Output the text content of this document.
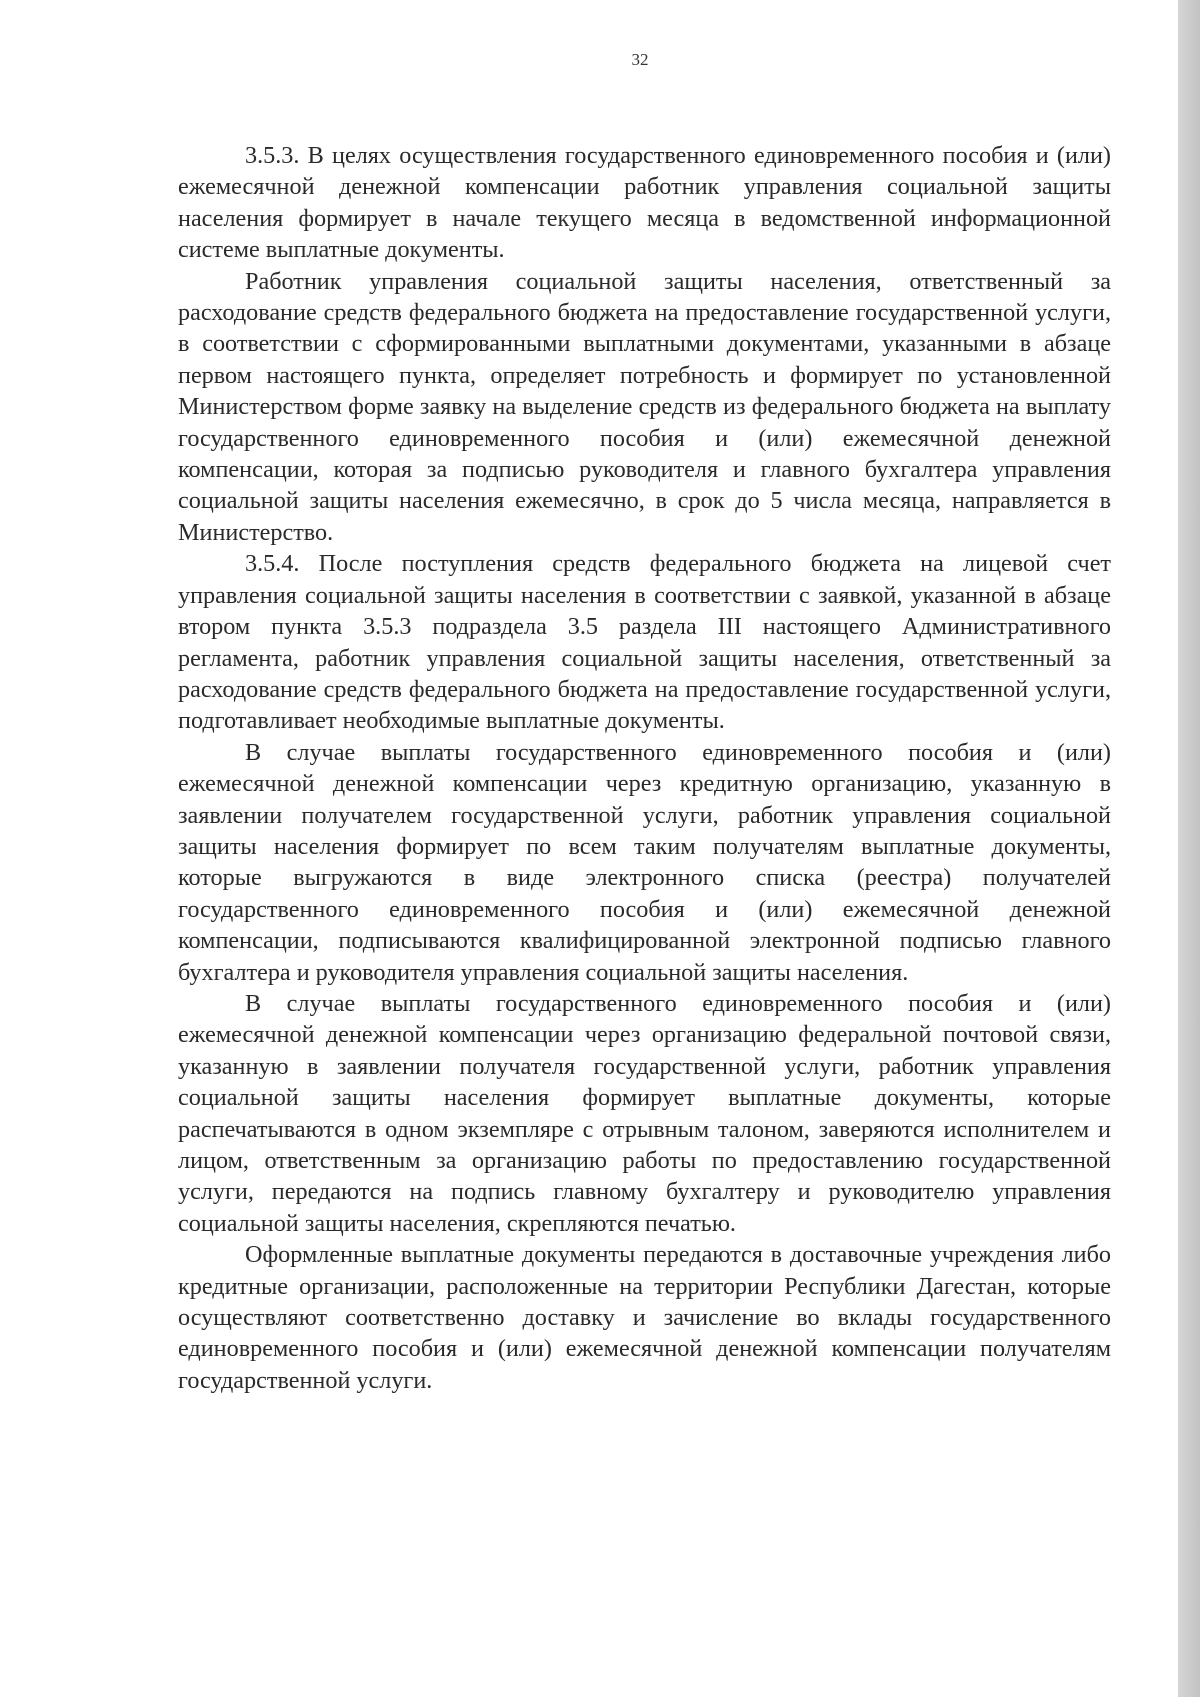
32

3.5.3. В целях осуществления государственного единовременного пособия и (или) ежемесячной денежной компенсации работник управления социальной защиты населения формирует в начале текущего месяца в ведомственной информационной системе выплатные документы.

Работник управления социальной защиты населения, ответственный за расходование средств федерального бюджета на предоставление государственной услуги, в соответствии с сформированными выплатными документами, указанными в абзаце первом настоящего пункта, определяет потребность и формирует по установленной Министерством форме заявку на выделение средств из федерального бюджета на выплату государственного единовременного пособия и (или) ежемесячной денежной компенсации, которая за подписью руководителя и главного бухгалтера управления социальной защиты населения ежемесячно, в срок до 5 числа месяца, направляется в Министерство.

3.5.4. После поступления средств федерального бюджета на лицевой счет управления социальной защиты населения в соответствии с заявкой, указанной в абзаце втором пункта 3.5.3 подраздела 3.5 раздела III настоящего Административного регламента, работник управления социальной защиты населения, ответственный за расходование средств федерального бюджета на предоставление государственной услуги, подготавливает необходимые выплатные документы.

В случае выплаты государственного единовременного пособия и (или) ежемесячной денежной компенсации через кредитную организацию, указанную в заявлении получателем государственной услуги, работник управления социальной защиты населения формирует по всем таким получателям выплатные документы, которые выгружаются в виде электронного списка (реестра) получателей государственного единовременного пособия и (или) ежемесячной денежной компенсации, подписываются квалифицированной электронной подписью главного бухгалтера и руководителя управления социальной защиты населения.

В случае выплаты государственного единовременного пособия и (или) ежемесячной денежной компенсации через организацию федеральной почтовой связи, указанную в заявлении получателя государственной услуги, работник управления социальной защиты населения формирует выплатные документы, которые распечатываются в одном экземпляре с отрывным талоном, заверяются исполнителем и лицом, ответственным за организацию работы по предоставлению государственной услуги, передаются на подпись главному бухгалтеру и руководителю управления социальной защиты населения, скрепляются печатью.

Оформленные выплатные документы передаются в доставочные учреждения либо кредитные организации, расположенные на территории Республики Дагестан, которые осуществляют соответственно доставку и зачисление во вклады государственного единовременного пособия и (или) ежемесячной денежной компенсации получателям государственной услуги.
